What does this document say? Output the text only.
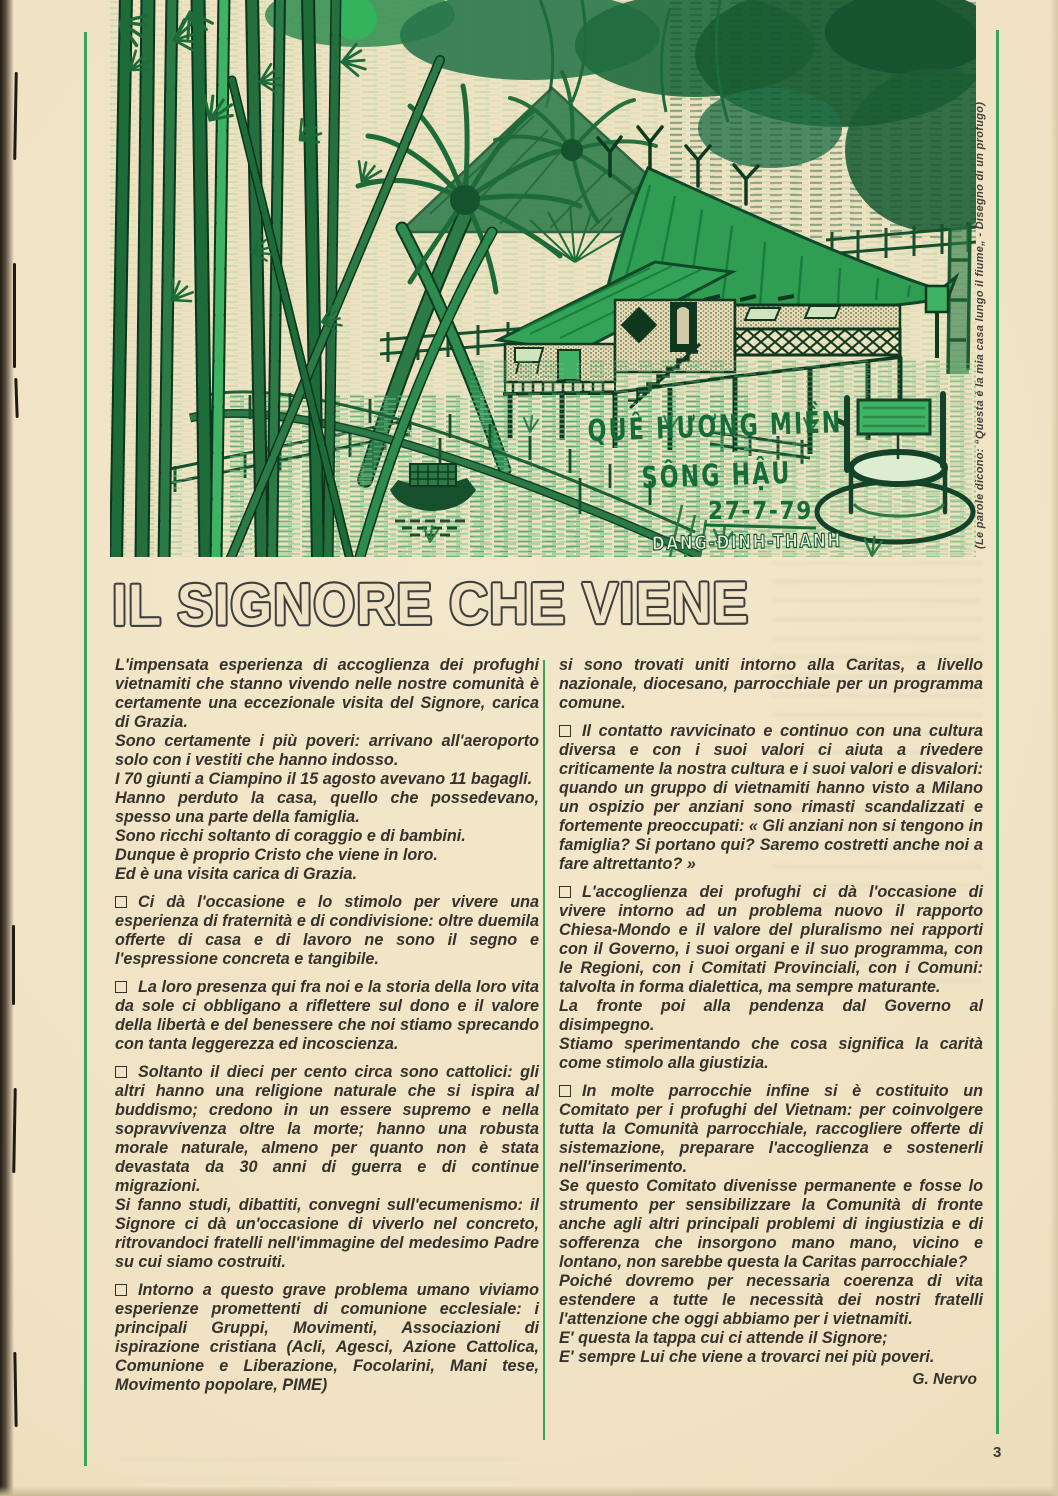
QUÊ HƯƠNG MIỀN
SÔNG HẬU
27-7-79
DANG-ĐINH-THANH	(Le parole dicono: “Questa è la mia casa lungo il fiume„ - Disegno di un profugo)
IL SIGNORE CHE VIENE

L'impensata esperienza di accoglienza dei profughi vietnamiti che stanno vivendo nelle nostre comunità è certamente una eccezionale visita del Signore, carica di Grazia.

Sono certamente i più poveri: arrivano all'aeroporto solo con i vestiti che hanno indosso.

I 70 giunti a Ciampino il 15 agosto avevano 11 bagagli.

Hanno perduto la casa, quello che possedevano, spesso una parte della famiglia.

Sono ricchi soltanto di coraggio e di bambini.

Dunque è proprio Cristo che viene in loro.

Ed è una visita carica di Grazia.

Ci dà l'occasione e lo stimolo per vivere una esperienza di fraternità e di condivisione: oltre duemila offerte di casa e di lavoro ne sono il segno e l'espressione concreta e tangibile.

La loro presenza qui fra noi e la storia della loro vita da sole ci obbligano a riflettere sul dono e il valore della libertà e del benessere che noi stiamo sprecando con tanta leggerezza ed incoscienza.

Soltanto il dieci per cento circa sono cattolici: gli altri hanno una religione naturale che si ispira al buddismo; credono in un essere supremo e nella sopravvivenza oltre la morte; hanno una robusta morale naturale, almeno per quanto non è stata devastata da 30 anni di guerra e di continue migrazioni.

Si fanno studi, dibattiti, convegni sull'ecumenismo: il Signore ci dà un'occasione di viverlo nel concreto, ritrovandoci fratelli nell'immagine del medesimo Padre su cui siamo costruiti.

Intorno a questo grave problema umano viviamo esperienze promettenti di comunione ecclesiale: i principali Gruppi, Movimenti, Associazioni di ispirazione cristiana (Acli, Agesci, Azione Cattolica, Comunione e Liberazione, Focolarini, Mani tese, Movimento popolare, PIME)

si sono trovati uniti intorno alla Caritas, a livello nazionale, diocesano, parrocchiale per un programma comune.

Il contatto ravvicinato e continuo con una cultura diversa e con i suoi valori ci aiuta a rivedere criticamente la nostra cultura e i suoi valori e disvalori: quando un gruppo di vietnamiti hanno visto a Milano un ospizio per anziani sono rimasti scandalizzati e fortemente preoccupati: « Gli anziani non si tengono in famiglia? Si portano qui? Saremo costretti anche noi a fare altrettanto? »

L'accoglienza dei profughi ci dà l'occasione di vivere intorno ad un problema nuovo il rapporto Chiesa-Mondo e il valore del pluralismo nei rapporti con il Governo, i suoi organi e il suo programma, con le Regioni, con i Comitati Provinciali, con i Comuni: talvolta in forma dialettica, ma sempre maturante.

La fronte poi alla pendenza dal Governo al disimpegno.

Stiamo sperimentando che cosa significa la carità come stimolo alla giustizia.

In molte parrocchie infine si è costituito un Comitato per i profughi del Vietnam: per coinvolgere tutta la Comunità parrocchiale, raccogliere offerte di sistemazione, preparare l'accoglienza e sostenerli nell'inserimento.

Se questo Comitato divenisse permanente e fosse lo strumento per sensibilizzare la Comunità di fronte anche agli altri principali problemi di ingiustizia e di sofferenza che insorgono mano mano, vicino e lontano, non sarebbe questa la Caritas parrocchiale?

Poiché dovremo per necessaria coerenza di vita estendere a tutte le necessità dei nostri fratelli l'attenzione che oggi abbiamo per i vietnamiti.

E' questa la tappa cui ci attende il Signore;

E' sempre Lui che viene a trovarci nei più poveri.

G. Nervo

3
